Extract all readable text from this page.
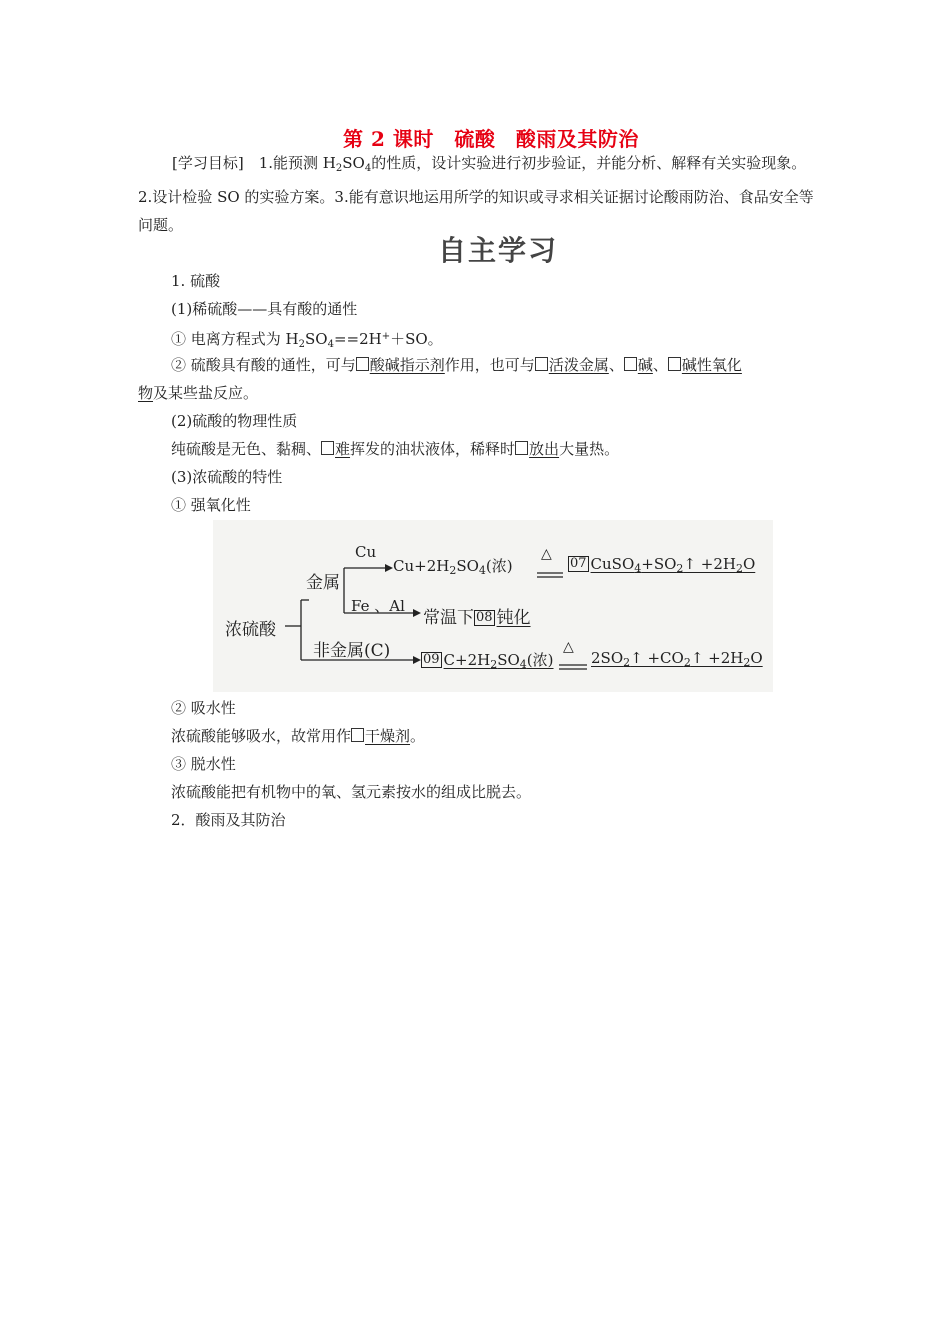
第 2 课时　硫酸　酸雨及其防治
[学习目标]　1.能预测 $H_2SO_4$的性质，设计实验进行初步验证，并能分析、解释有关实验现象。2.设计检验 SO 的实验方案。3.能有意识地运用所学的知识或寻求相关证据讨论酸雨防治、食品安全等问题。
自主学习
1. 硫酸
(1)稀硫酸——具有酸的通性
① 电离方程式为 $H_2SO_4==2H^++SO$。
② 硫酸具有酸的通性，可与 酸碱指示剂作用，也可与 活泼金属、 碱、 碱性氧化
物及某些盐反应。
(2)硫酸的物理性质
纯硫酸是无色、黏稠、 难挥发的油状液体，稀释时 放出大量热。
(3)浓硫酸的特性
① 强氧化性
浓硫酸
金属
Cu
Fe 、Al
非金属(C)
$Cu+2H_2SO_4$(浓)
△
07 $CuSO_4+SO_2↑ +2H_2O$
常温下 08 钝化
09 $C+2H_2SO_4$(浓)
△
$2SO_2↑$ $+CO_2↑ +2H_2O$
② 吸水性
浓硫酸能够吸水，故常用作 干燥剂。
③ 脱水性
浓硫酸能把有机物中的氧、氢元素按水的组成比脱去。
2．酸雨及其防治
